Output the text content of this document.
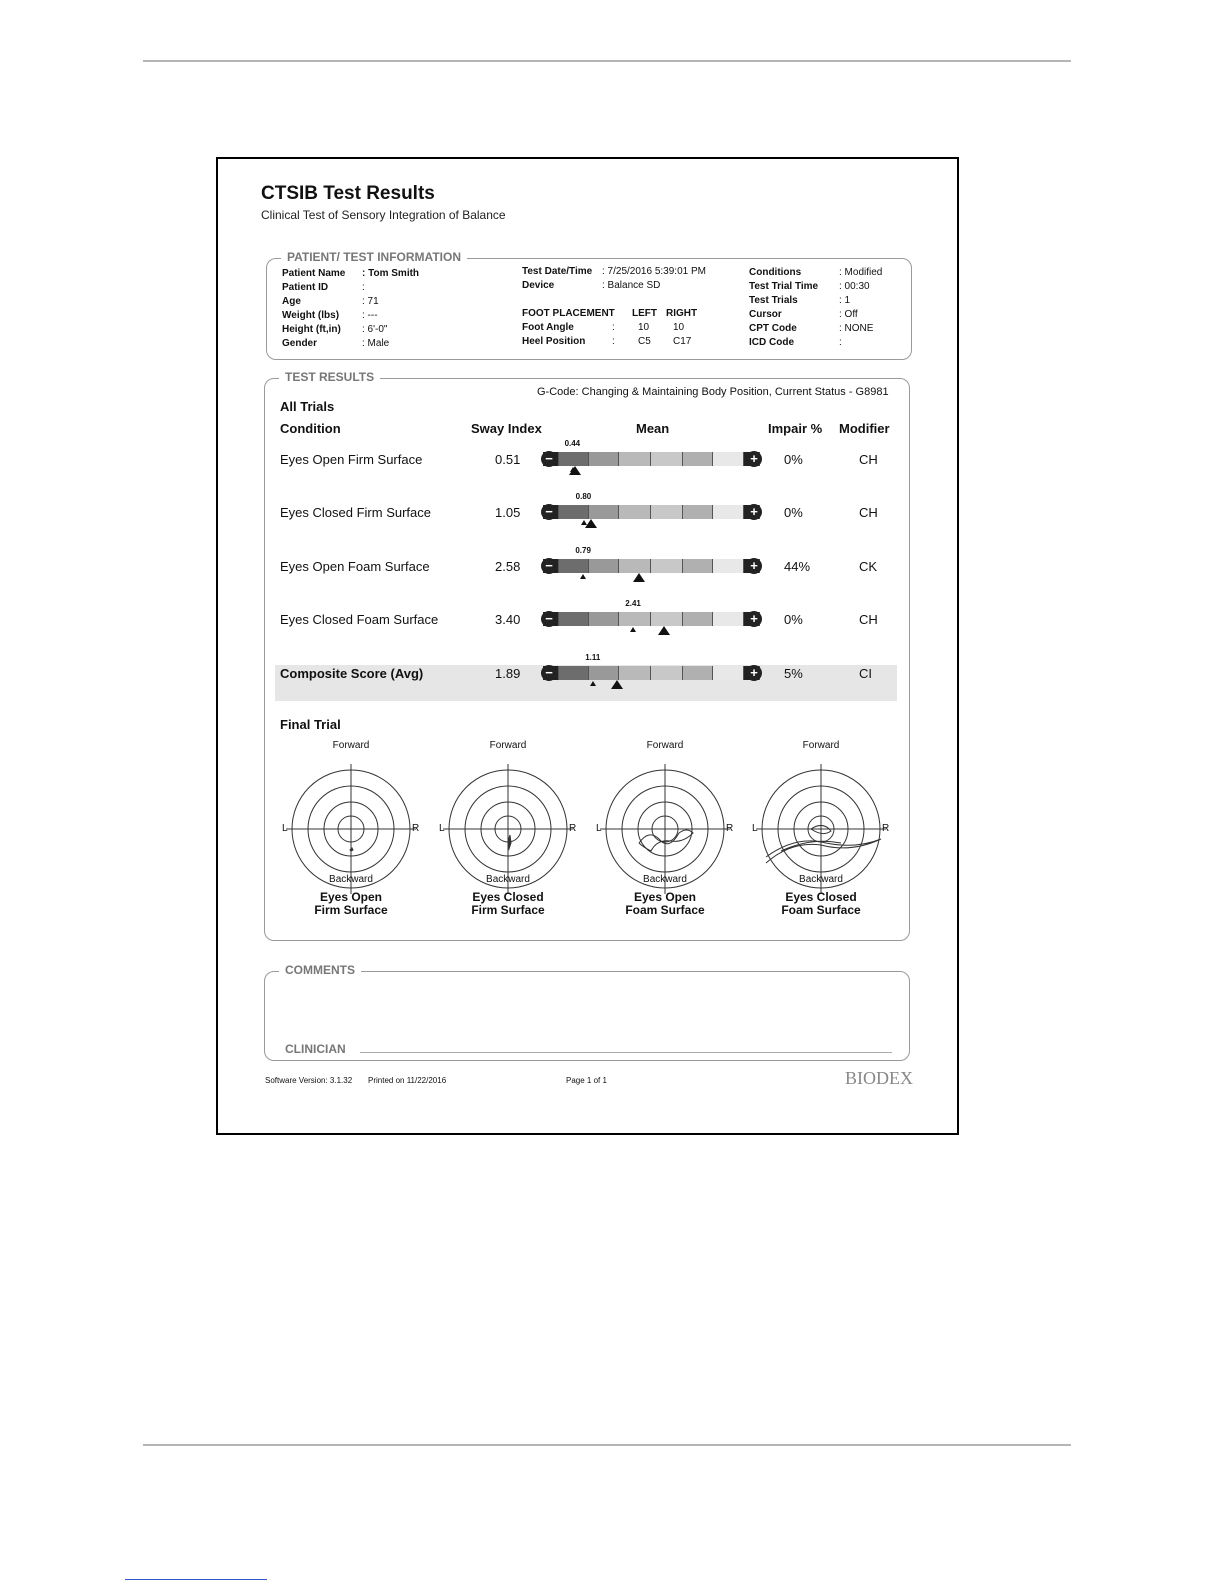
CTSIB Test Results
Clinical Test of Sensory Integration of Balance
PATIENT/ TEST INFORMATION
Patient Name : Tom Smith
Patient ID	:
Age	: 71
Weight (lbs) : ---
Height (ft,in) : 6'-0"
Gender	: Male
Test Date/Time : 7/25/2016 5:39:01 PM
Device	: Balance SD
FOOT PLACEMENT LEFT RIGHT
Foot Angle	: 10 10
Heel Position	: C5 C17
Conditions	: Modified
Test Trial Time : 00:30
Test Trials	: 1
Cursor	: Off
CPT Code	: NONE
ICD Code	:
TEST RESULTS
G-Code: Changing & Maintaining Body Position, Current Status - G8981
All Trials
Condition	Sway Index	Mean	Impair % Modifier
Eyes Open Firm Surface	0.51	0%	CH
−	+
0.44
Eyes Closed Firm Surface	1.05	0%	CH
−	+
0.80
Eyes Open Foam Surface	2.58	44%	CK
−	+
0.79
Eyes Closed Foam Surface	3.40	0%	CH
−	+
2.41
Composite Score (Avg)	1.89	5%	CI
−	+
1.11
Final Trial
Forward
Backward
L	R
Eyes Open
Firm Surface
Forward
Backward
L	R
Eyes Closed
Firm Surface
Forward
Backward
L	R
Eyes Open
Foam Surface
Forward
Backward
L	R
Eyes Closed
Foam Surface
COMMENTS
CLINICIAN
Software Version: 3.1.32 Printed on 11/22/2016	Page 1 of 1	BIODEX
